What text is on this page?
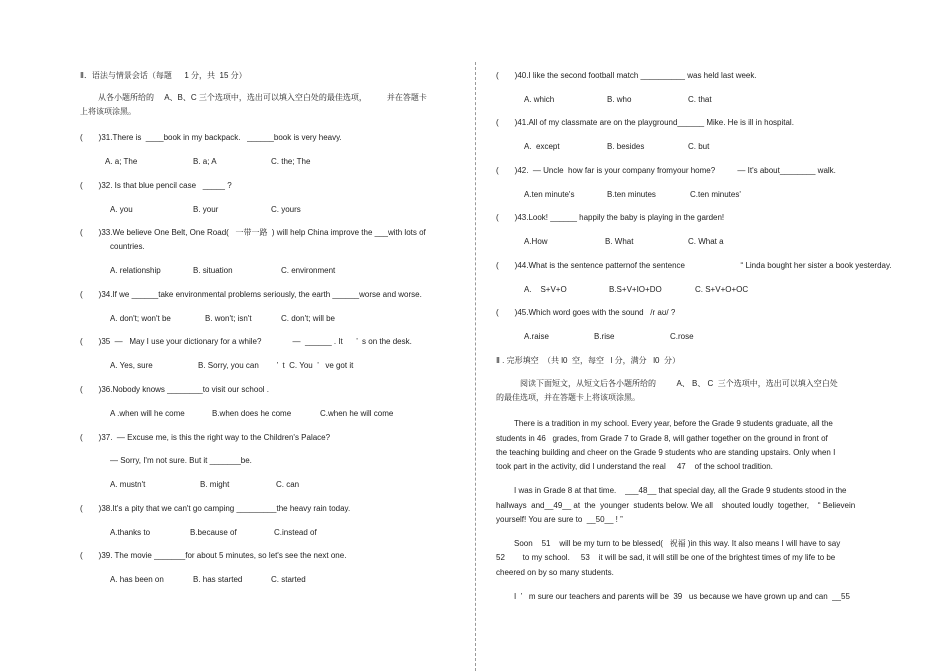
Ⅱ．语法与情景会话（每题  　1 分，共  15 分）
从各小题所给的　 A、B、C 三个选项中，选出可以填入空白处的最佳选项，　　　并在答题卡
上将该项涂黑。
(　　)31.There is  ____book in my backpack.   ______book is very heavy.
A. a; The	B. a; A	C. the; The
(　　)32. Is that blue pencil case   _____ ?
A. you	B. your	C. yours
(　　)33.We believe One Belt, One Road(   一带一路  ) will help China improve the ___with lots of
countries.
A. relationship	B. situation	C. environment
(　　)34.If we ______take environmental problems seriously, the earth ______worse and worse.
A. don't; won't be	B. won't; isn't	C. don't; will be
(　　)35  —   May I use your dictionary for a while?              —  ______ . It      ’  s on the desk.
A. Yes, sure	B. Sorry, you can        ’  t  C. You  ’   ve got it
(　　)36.Nobody knows ________to visit our school .
A .when will he come	B.when does he come	C.when he will come
(　　)37.  — Excuse me, is this the right way to the Children's Palace?
— Sorry, I'm not sure. But it _______be.
A. mustn't	B. might	C. can
(　　)38.It's a pity that we can't go camping _________the heavy rain today.
A.thanks to	B.because of	C.instead of
(　　)39. The movie _______for about 5 minutes, so let's see the next one.
A. has been on	B. has started	C. started
(　　)40.I like the second football match __________ was held last week.
A. which	B. who	C. that
(　　)41.All of my classmate are on the playground______ Mike. He is ill in hospital.
A.  except	B. besides	C. but
(　　)42.  — Uncle  how far is your company fromyour home?          — It's about________ walk.
A.ten minute's	B.ten minutes	C.ten minutes'
(　　)43.Look! ______ happily the baby is playing in the garden!
A.How	B. What	C. What a
(　　)44.What is the sentence patternof the sentence                         “ Linda bought her sister a book yesterday.
A.    S+V+O	B.S+V+IO+DO	C. S+V+O+OC
(　　)45.Which word goes with the sound   /r aʊ/ ?
A.raise	B.rise	C.rose
Ⅱ . 完形填空  （共 l0  空，每空   l 分，满分   l0  分）
阅读下面短文，从短文后各小题所给的　　  A、 B、 C  三个选项中，选出可以填入空白处
的最佳选项，并在答题卡上将该项涂黑。
There is a tradition in my school. Every year, before the Grade 9 students graduate, all the
students in 46   grades, from Grade 7 to Grade 8, will gather together on the ground in front of
the teaching building and cheer on the Grade 9 students who are standing upstairs. Only when I
took part in the activity, did I understand the real     47    of the school tradition.
I was in Grade 8 at that time.    ___48__ that special day, all the Grade 9 students stood in the
hallways  and__49__ at  the  younger  students below. We all    shouted loudly  together,    “ Believein
yourself! You are sure to  __50__ ! ”
Soon    51    will be my turn to be blessed(   祝福 )in this way. It also means I will have to say
52        to my school.     53    it will be sad, it will still be one of the brightest times of my life to be
cheered on by so many students.
I  ’   m sure our teachers and parents will be  39   us because we have grown up and can  __55
